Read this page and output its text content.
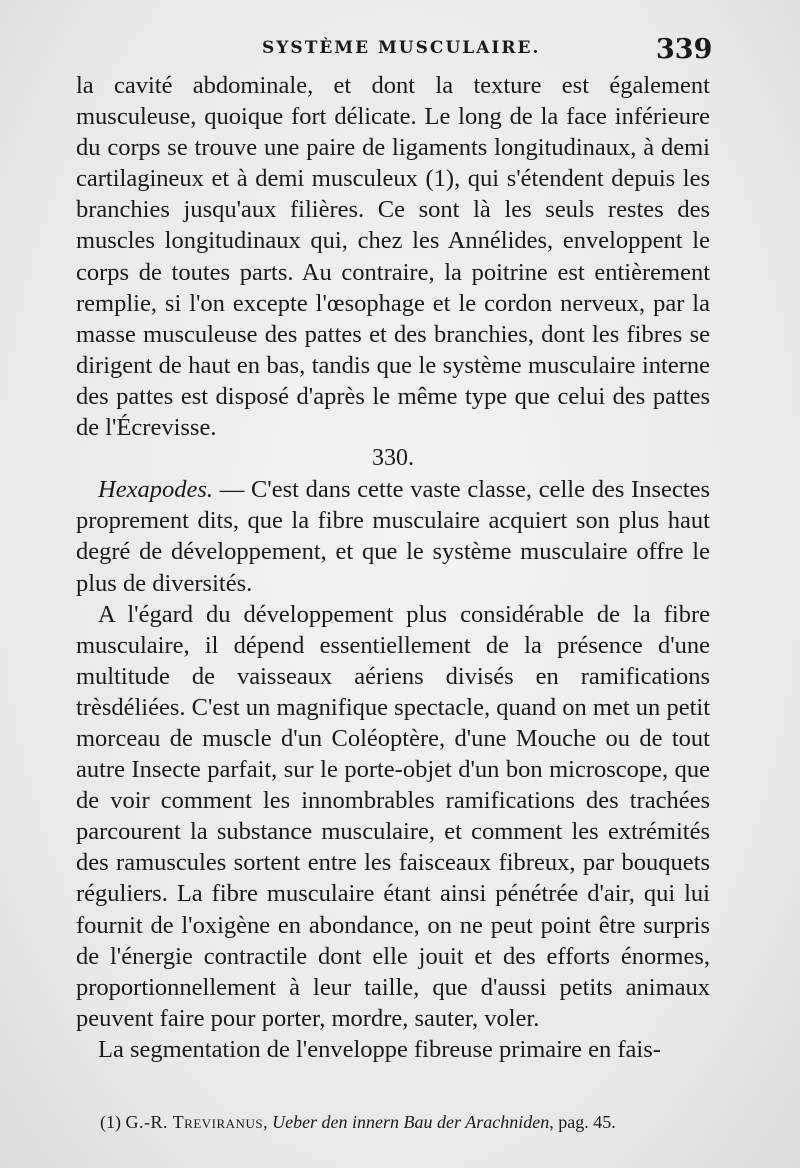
SYSTÈME MUSCULAIRE.	339

la cavité abdominale, et dont la texture est également musculeuse, quoique fort délicate. Le long de la face inférieure du corps se trouve une paire de ligaments longitudinaux, à demi cartilagineux et à demi musculeux (1), qui s'étendent depuis les branchies jusqu'aux filières. Ce sont là les seuls restes des muscles longitudinaux qui, chez les Annélides, enveloppent le corps de toutes parts. Au contraire, la poitrine est entièrement remplie, si l'on excepte l'œsophage et le cordon nerveux, par la masse musculeuse des pattes et des branchies, dont les fibres se dirigent de haut en bas, tandis que le système musculaire interne des pattes est disposé d'après le même type que celui des pattes de l'Écrevisse.

330.

Hexapodes. — C'est dans cette vaste classe, celle des Insectes proprement dits, que la fibre musculaire acquiert son plus haut degré de développement, et que le système musculaire offre le plus de diversités.

A l'égard du développement plus considérable de la fibre musculaire, il dépend essentiellement de la présence d'une multitude de vaisseaux aériens divisés en ramifications trèsdéliées. C'est un magnifique spectacle, quand on met un petit morceau de muscle d'un Coléoptère, d'une Mouche ou de tout autre Insecte parfait, sur le porte-objet d'un bon microscope, que de voir comment les innombrables ramifications des trachées parcourent la substance musculaire, et comment les extrémités des ramuscules sortent entre les faisceaux fibreux, par bouquets réguliers. La fibre musculaire étant ainsi pénétrée d'air, qui lui fournit de l'oxigène en abondance, on ne peut point être surpris de l'énergie contractile dont elle jouit et des efforts énormes, proportionnellement à leur taille, que d'aussi petits animaux peuvent faire pour porter, mordre, sauter, voler.

La segmentation de l'enveloppe fibreuse primaire en fais-

(1) G.-R. Treviranus, Ueber den innern Bau der Arachniden, pag. 45.
